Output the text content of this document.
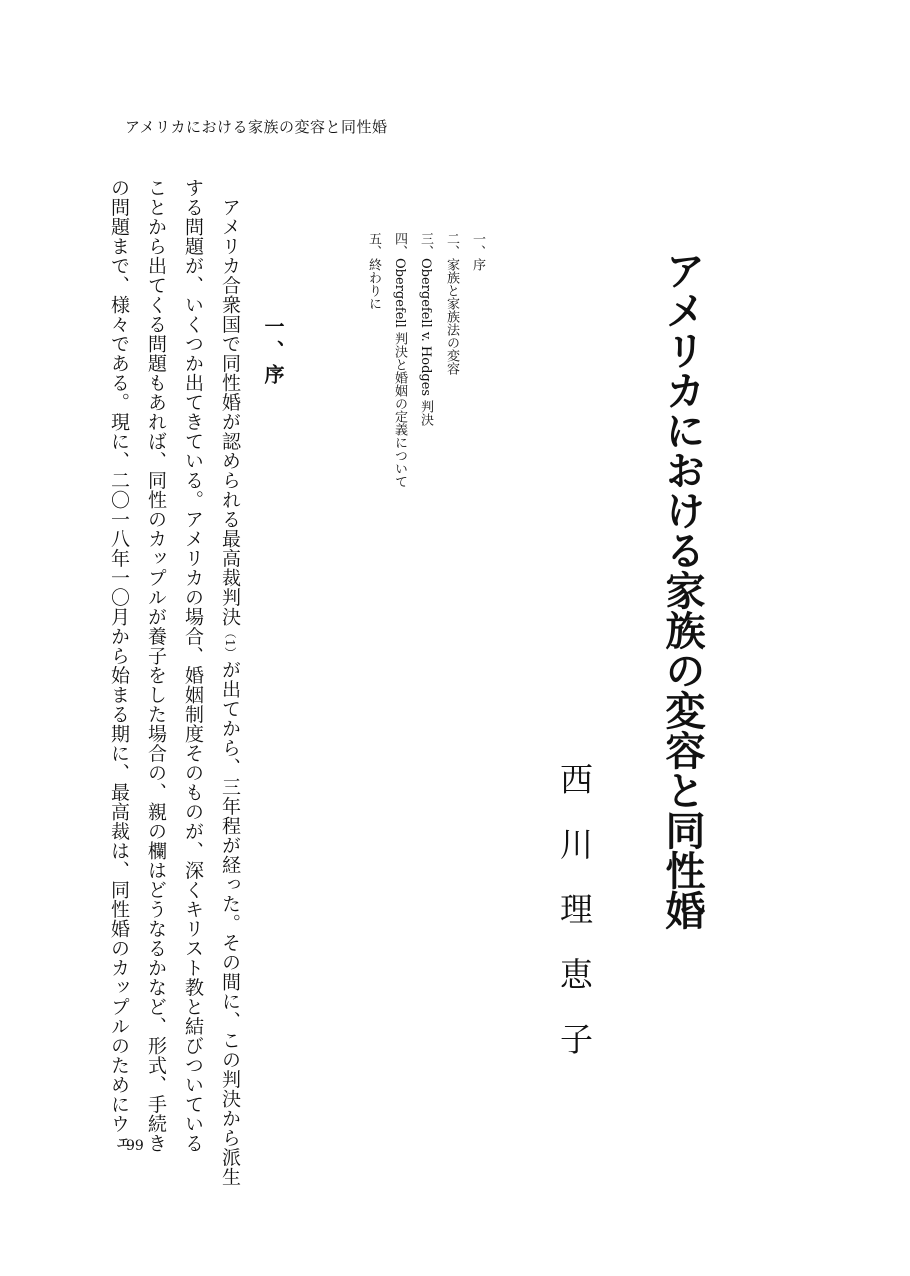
アメリカにおける家族の変容と同性婚
アメリカにおける家族の変容と同性婚
西川理恵子
一、序
二、家族と家族法の変容
三、Obergefell v. Hodges 判決
四、Obergefell 判決と婚姻の定義について
五、終わりに
一、序
　アメリカ合衆国で同性婚が認められる最高裁判決（1）が出てから、三年程が経った。その間に、この判決から派生
する問題が、いくつか出てきている。アメリカの場合、婚姻制度そのものが、深くキリスト教と結びついている
ことから出てくる問題もあれば、同性のカップルが養子をした場合の、親の欄はどうなるかなど、形式、手続き
の問題まで、様々である。現に、二〇一八年一〇月から始まる期に、最高裁は、同性婚のカップルのためにウェ
99
